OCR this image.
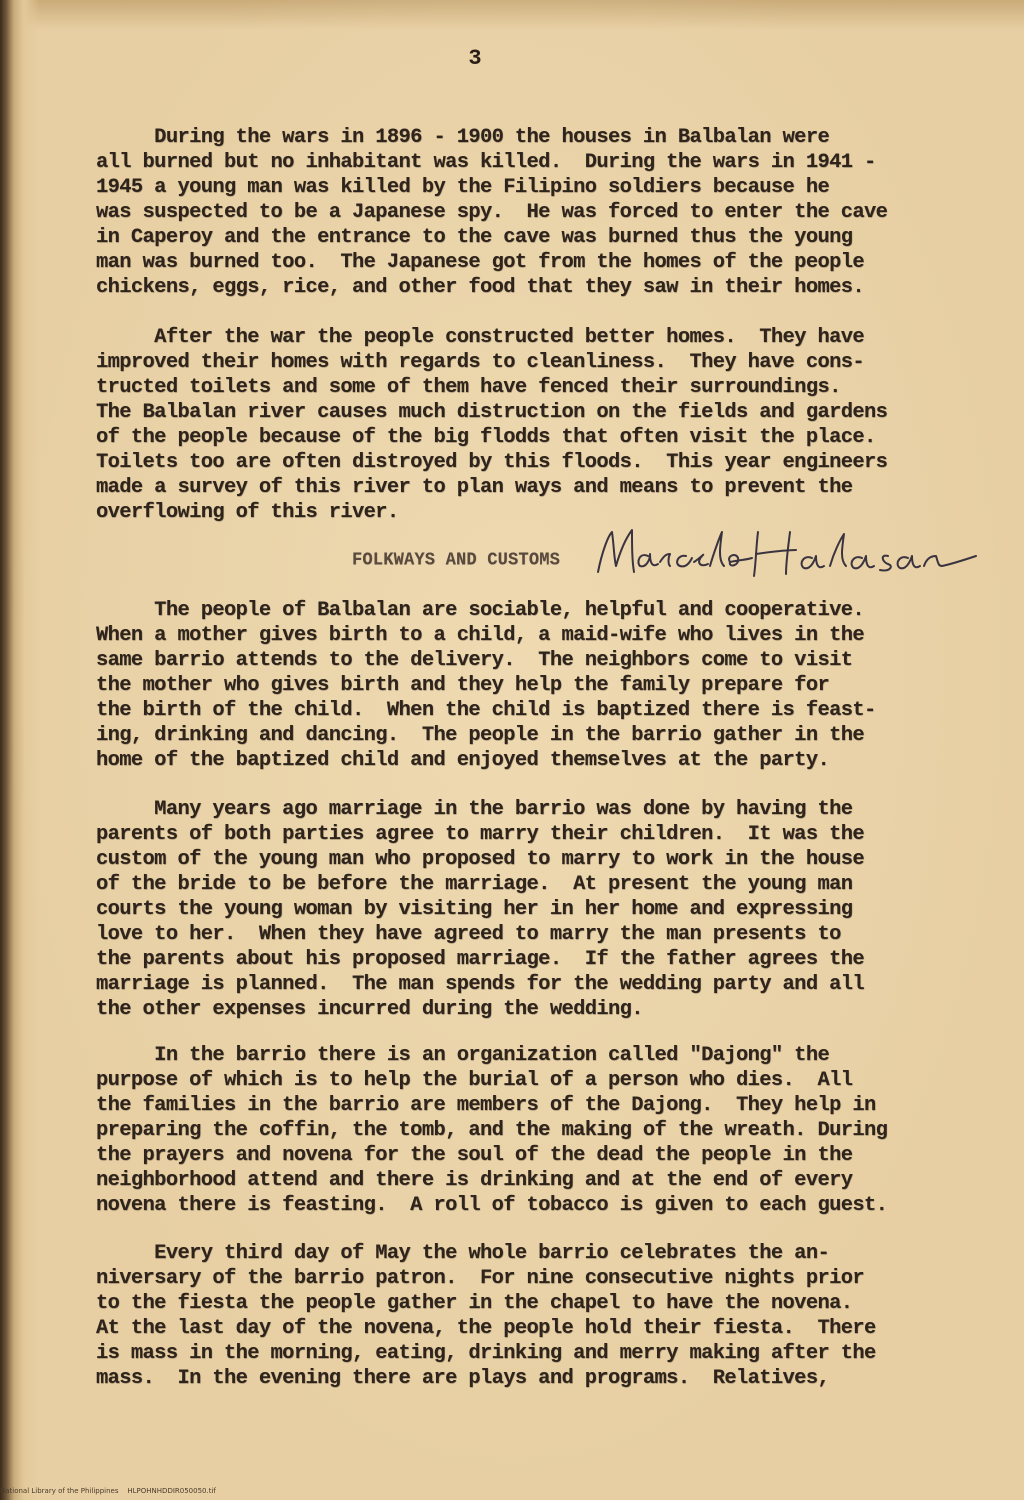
3
During the wars in 1896 - 1900 the houses in Balbalan were
all burned but no inhabitant was killed.  During the wars in 1941 -
1945 a young man was killed by the Filipino soldiers because he
was suspected to be a Japanese spy.  He was forced to enter the cave
in Caperoy and the entrance to the cave was burned thus the young
man was burned too.  The Japanese got from the homes of the people
chickens, eggs, rice, and other food that they saw in their homes.
After the war the people constructed better homes.  They have
improved their homes with regards to cleanliness.  They have cons-
tructed toilets and some of them have fenced their surroundings.
The Balbalan river causes much distruction on the fields and gardens
of the people because of the big flodds that often visit the place.
Toilets too are often distroyed by this floods.  This year engineers
made a survey of this river to plan ways and means to prevent the
overflowing of this river.
FOLKWAYS AND CUSTOMS
The people of Balbalan are sociable, helpful and cooperative.
When a mother gives birth to a child, a maid-wife who lives in the
same barrio attends to the delivery.  The neighbors come to visit
the mother who gives birth and they help the family prepare for
the birth of the child.  When the child is baptized there is feast-
ing, drinking and dancing.  The people in the barrio gather in the
home of the baptized child and enjoyed themselves at the party.
Many years ago marriage in the barrio was done by having the
parents of both parties agree to marry their children.  It was the
custom of the young man who proposed to marry to work in the house
of the bride to be before the marriage.  At present the young man
courts the young woman by visiting her in her home and expressing
love to her.  When they have agreed to marry the man presents to
the parents about his proposed marriage.  If the father agrees the
marriage is planned.  The man spends for the wedding party and all
the other expenses incurred during the wedding.
In the barrio there is an organization called "Dajong" the
purpose of which is to help the burial of a person who dies.  All
the families in the barrio are members of the Dajong.  They help in
preparing the coffin, the tomb, and the making of the wreath. During
the prayers and novena for the soul of the dead the people in the
neighborhood attend and there is drinking and at the end of every
novena there is feasting.  A roll of tobacco is given to each guest.
Every third day of May the whole barrio celebrates the an-
niversary of the barrio patron.  For nine consecutive nights prior
to the fiesta the people gather in the chapel to have the novena.
At the last day of the novena, the people hold their fiesta.  There
is mass in the morning, eating, drinking and merry making after the
mass.  In the evening there are plays and programs.  Relatives,
National Library of the Philippines    HLPOHNHDDIR050050.tif
